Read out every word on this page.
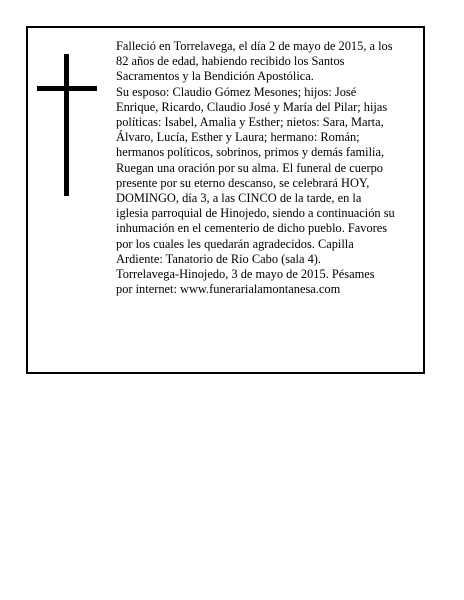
Falleció en Torrelavega, el día 2 de mayo de 2015, a los
82 años de edad, habiendo recibido los Santos
Sacramentos y la Bendición Apostólica.
Su esposo: Claudio Gómez Mesones; hijos: José
Enrique, Ricardo, Claudio José y María del Pilar; hijas
políticas: Isabel, Amalia y Esther; nietos: Sara, Marta,
Álvaro, Lucía, Esther y Laura; hermano: Román;
hermanos políticos, sobrinos, primos y demás familia,
Ruegan una oración por su alma. El funeral de cuerpo
presente por su eterno descanso, se celebrará HOY,
DOMINGO, día 3, a las CINCO de la tarde, en la
iglesia parroquial de Hinojedo, siendo a continuación su
inhumación en el cementerio de dicho pueblo. Favores
por los cuales les quedarán agradecidos. Capilla
Ardiente: Tanatorio de Río Cabo (sala 4).
Torrelavega-Hinojedo, 3 de mayo de 2015. Pésames
por internet: www.funerarialamontanesa.com
